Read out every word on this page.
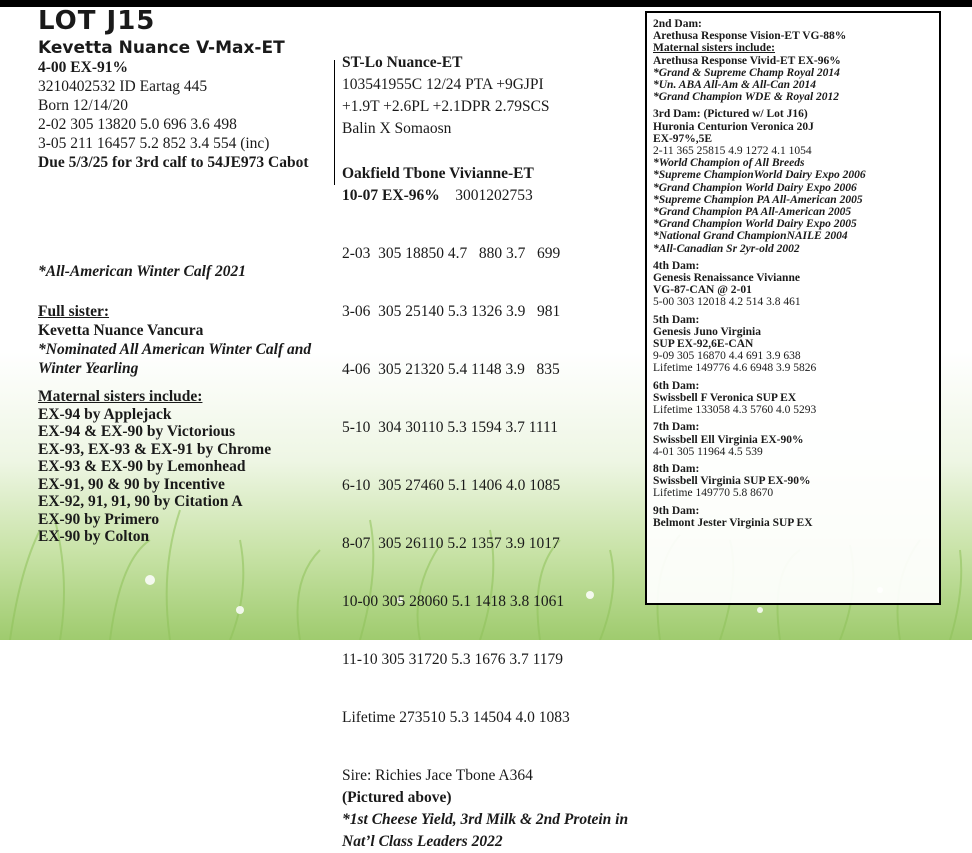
LOT J15
Kevetta Nuance V-Max-ET
4-00 EX-91%
3210402532 ID Eartag 445
Born 12/14/20
2-02 305 13820 5.0 696 3.6 498
3-05 211 16457 5.2 852 3.4 554 (inc)
Due 5/3/25 for 3rd calf to 54JE973 Cabot
*All-American Winter Calf 2021
Full sister:
Kevetta Nuance Vancura
*Nominated All American Winter Calf and Winter Yearling
Maternal sisters include:
EX-94 by Applejack
EX-94 & EX-90 by Victorious
EX-93, EX-93 & EX-91 by Chrome
EX-93 & EX-90 by Lemonhead
EX-91, 90 & 90 by Incentive
EX-92, 91, 91, 90 by Citation A
EX-90 by Primero
EX-90 by Colton
ST-Lo Nuance-ET
103541955C 12/24 PTA +9GJPI
+1.9T +2.6PL +2.1DPR 2.79SCS
Balin X Somaosn
Oakfield Tbone Vivianne-ET
10-07 EX-96% 3001202753

2-03  305 18850 4.7   880 3.7   699

3-06  305 25140 5.3 1326 3.9   981

4-06  305 21320 5.4 1148 3.9   835

5-10  304 30110 5.3 1594 3.7 1111

6-10  305 27460 5.1 1406 4.0 1085

8-07  305 26110 5.2 1357 3.9 1017

10-00 305 28060 5.1 1418 3.8 1061

11-10 305 31720 5.3 1676 3.7 1179

Lifetime 273510 5.3 14504 4.0 1083

Sire: Richies Jace Tbone A364
(Pictured above)
*1st Cheese Yield, 3rd Milk & 2nd Protein in Nat’l Class Leaders 2022
2nd Dam:
Arethusa Response Vision-ET VG-88%
Maternal sisters include:
Arethusa Response Vivid-ET EX-96%
*Grand & Supreme Champ Royal 2014
*Un. ABA All-Am & All-Can 2014
*Grand Champion WDE & Royal 2012
3rd Dam: (Pictured w/ Lot J16)
Huronia Centurion Veronica 20J
EX-97%,5E
2-11 365 25815 4.9 1272 4.1 1054
*World Champion of All Breeds
*Supreme ChampionWorld Dairy Expo 2006
*Grand Champion World Dairy Expo 2006
*Supreme Champion PA All-American 2005
*Grand Champion PA All-American 2005
*Grand Champion World Dairy Expo 2005
*National Grand ChampionNAILE 2004
*All-Canadian Sr 2yr-old 2002
4th Dam:
Genesis Renaissance Vivianne
VG-87-CAN @ 2-01
5-00 303 12018 4.2 514 3.8 461
5th Dam:
Genesis Juno Virginia
SUP EX-92,6E-CAN
9-09 305 16870 4.4 691 3.9 638
Lifetime 149776 4.6 6948 3.9 5826
6th Dam:
Swissbell F Veronica SUP EX
Lifetime 133058 4.3 5760 4.0 5293
7th Dam:
Swissbell Ell Virginia EX-90%
4-01 305 11964 4.5 539
8th Dam:
Swissbell Virginia SUP EX-90%
Lifetime 149770 5.8 8670
9th Dam:
Belmont Jester Virginia SUP EX
